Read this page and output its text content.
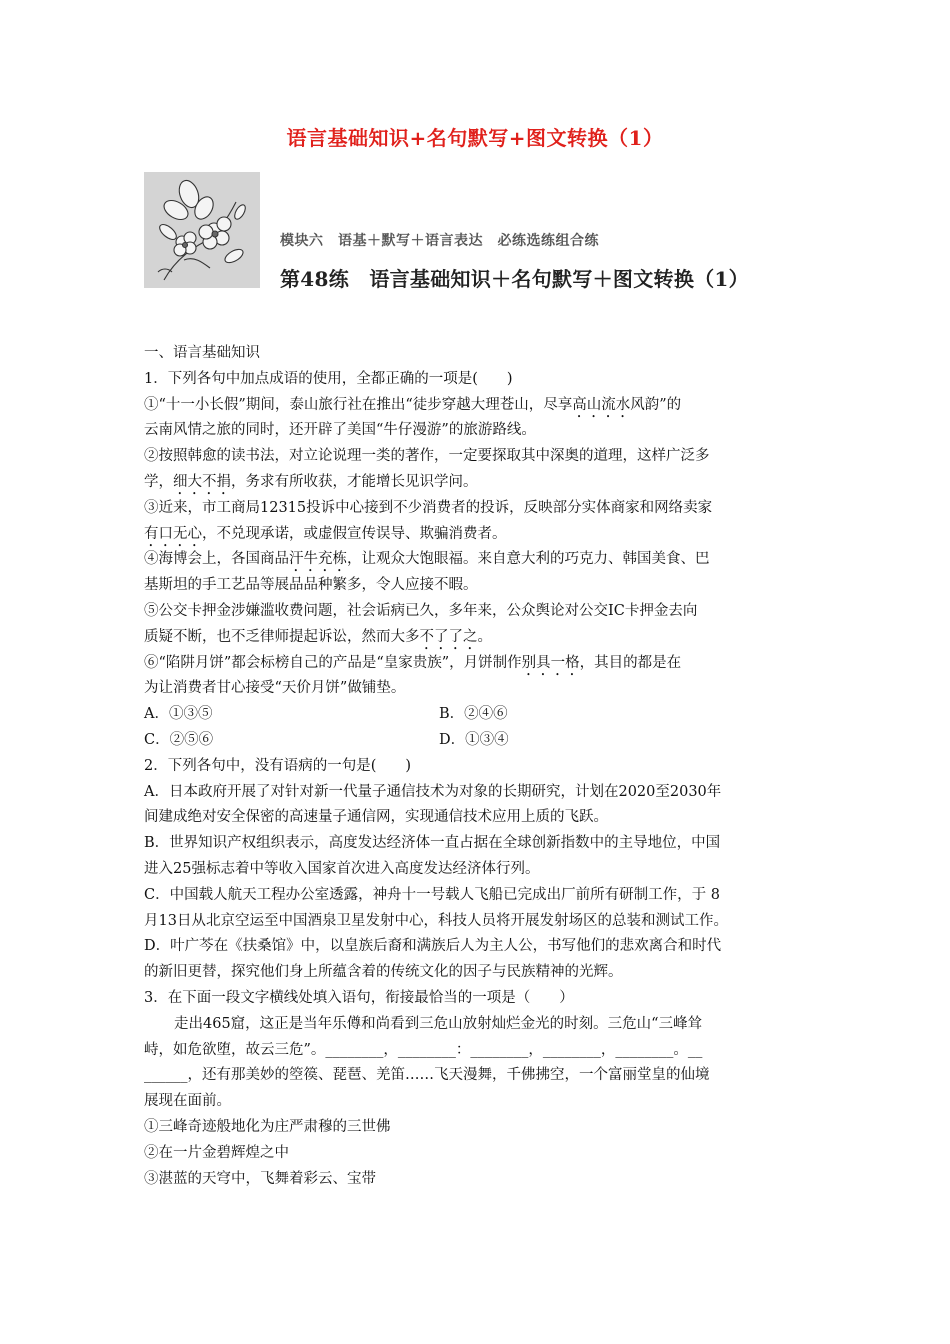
语言基础知识+名句默写+图文转换（1）
模块六　语基＋默写＋语言表达　必练选练组合练
第48练　语言基础知识＋名句默写＋图文转换（1）
一、语言基础知识
1．下列各句中加点成语的使用，全都正确的一项是(　　)
①“十一小长假”期间，泰山旅行社在推出“徒步穿越大理苍山，尽享高山流水风韵”的
云南风情之旅的同时，还开辟了美国“牛仔漫游”的旅游路线。
②按照韩愈的读书法，对立论说理一类的著作，一定要探取其中深奥的道理，这样广泛多
学，细大不捐，务求有所收获，才能增长见识学问。
③近来，市工商局12315投诉中心接到不少消费者的投诉，反映部分实体商家和网络卖家
有口无心，不兑现承诺，或虚假宣传误导、欺骗消费者。
④海博会上，各国商品汗牛充栋，让观众大饱眼福。来自意大利的巧克力、韩国美食、巴
基斯坦的手工艺品等展品品种繁多，令人应接不暇。
⑤公交卡押金涉嫌滥收费问题，社会诟病已久，多年来，公众舆论对公交IC卡押金去向
质疑不断，也不乏律师提起诉讼，然而大多不了了之。
⑥“陷阱月饼”都会标榜自己的产品是“皇家贵族”，月饼制作别具一格，其目的都是在
为让消费者甘心接受“天价月饼”做铺垫。
A．①③⑤	B．②④⑥
C．②⑤⑥	D．①③④
2．下列各句中，没有语病的一句是(　　)
A．日本政府开展了对针对新一代量子通信技术为对象的长期研究，计划在2020至2030年
间建成绝对安全保密的高速量子通信网，实现通信技术应用上质的飞跃。
B．世界知识产权组织表示，高度发达经济体一直占据在全球创新指数中的主导地位，中国
进入25强标志着中等收入国家首次进入高度发达经济体行列。
C．中国载人航天工程办公室透露，神舟十一号载人飞船已完成出厂前所有研制工作，于 8
月13日从北京空运至中国酒泉卫星发射中心，科技人员将开展发射场区的总装和测试工作。
D．叶广芩在《扶桑馆》中，以皇族后裔和满族后人为主人公，书写他们的悲欢离合和时代
的新旧更替，探究他们身上所蕴含着的传统文化的因子与民族精神的光辉。
3．在下面一段文字横线处填入语句，衔接最恰当的一项是（　　）
走出465窟，这正是当年乐僔和尚看到三危山放射灿烂金光的时刻。三危山“三峰耸
峙，如危欲堕，故云三危”。________，________：________，________，________。__
______，还有那美妙的箜篌、琵琶、羌笛……飞天漫舞，千佛拂空，一个富丽堂皇的仙境
展现在面前。
①三峰奇迹般地化为庄严肃穆的三世佛
②在一片金碧辉煌之中
③湛蓝的天穹中，飞舞着彩云、宝带
